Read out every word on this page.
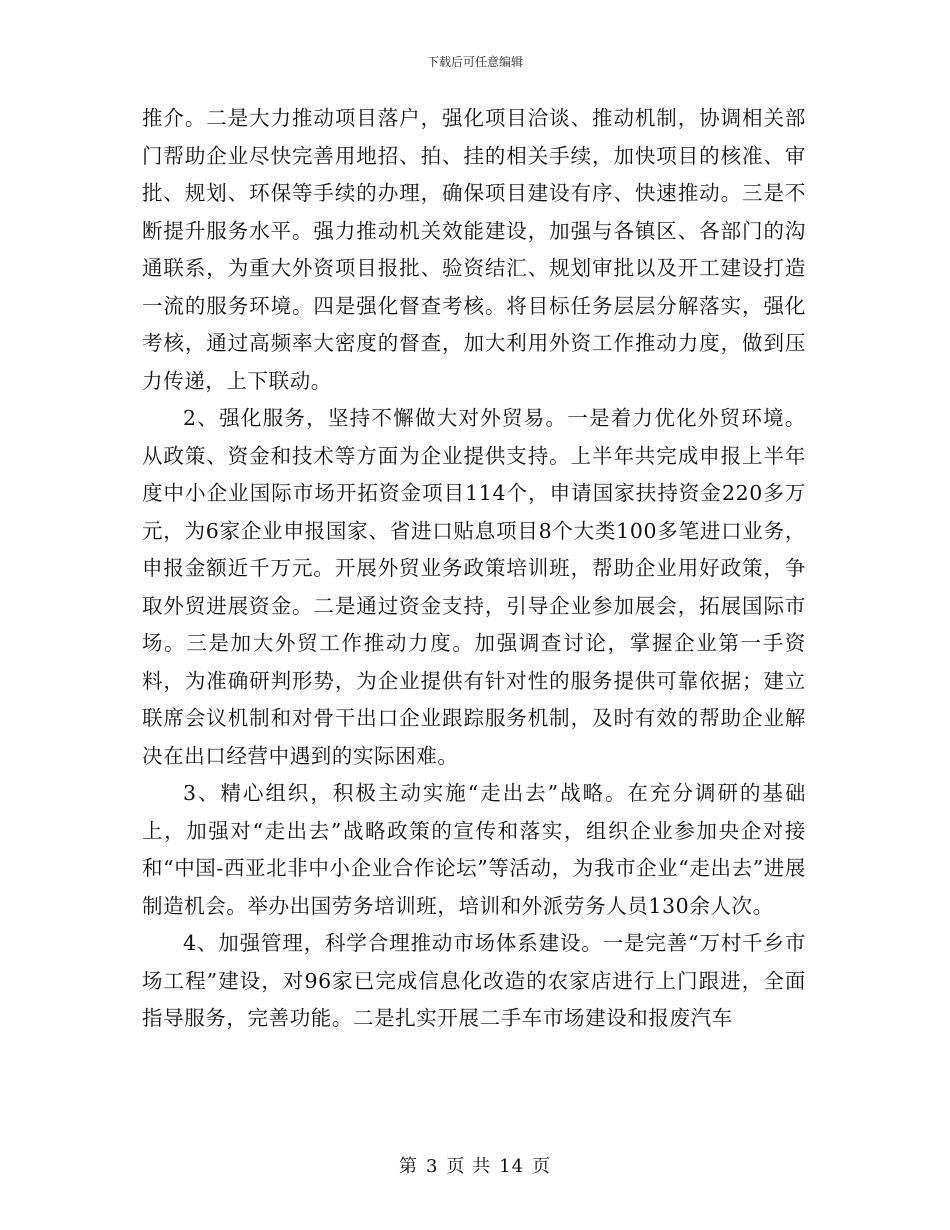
下载后可任意编辑

推介。二是大力推动项目落户，强化项目洽谈、推动机制，协调相关部门帮助企业尽快完善用地招、拍、挂的相关手续，加快项目的核准、审批、规划、环保等手续的办理，确保项目建设有序、快速推动。三是不断提升服务水平。强力推动机关效能建设，加强与各镇区、各部门的沟通联系，为重大外资项目报批、验资结汇、规划审批以及开工建设打造一流的服务环境。四是强化督查考核。将目标任务层层分解落实，强化考核，通过高频率大密度的督查，加大利用外资工作推动力度，做到压力传递，上下联动。

2、强化服务，坚持不懈做大对外贸易。一是着力优化外贸环境。从政策、资金和技术等方面为企业提供支持。上半年共完成申报上半年度中小企业国际市场开拓资金项目114个，申请国家扶持资金220多万元，为6家企业申报国家、省进口贴息项目8个大类100多笔进口业务，申报金额近千万元。开展外贸业务政策培训班，帮助企业用好政策，争取外贸进展资金。二是通过资金支持，引导企业参加展会，拓展国际市场。三是加大外贸工作推动力度。加强调查讨论，掌握企业第一手资料，为准确研判形势，为企业提供有针对性的服务提供可靠依据；建立联席会议机制和对骨干出口企业跟踪服务机制，及时有效的帮助企业解决在出口经营中遇到的实际困难。

3、精心组织，积极主动实施“走出去”战略。在充分调研的基础上，加强对“走出去”战略政策的宣传和落实，组织企业参加央企对接和“中国-西亚北非中小企业合作论坛”等活动，为我市企业“走出去”进展制造机会。举办出国劳务培训班，培训和外派劳务人员130余人次。

4、加强管理，科学合理推动市场体系建设。一是完善“万村千乡市场工程”建设，对96家已完成信息化改造的农家店进行上门跟进，全面指导服务，完善功能。二是扎实开展二手车市场建设和报废汽车

第 3 页 共 14 页
